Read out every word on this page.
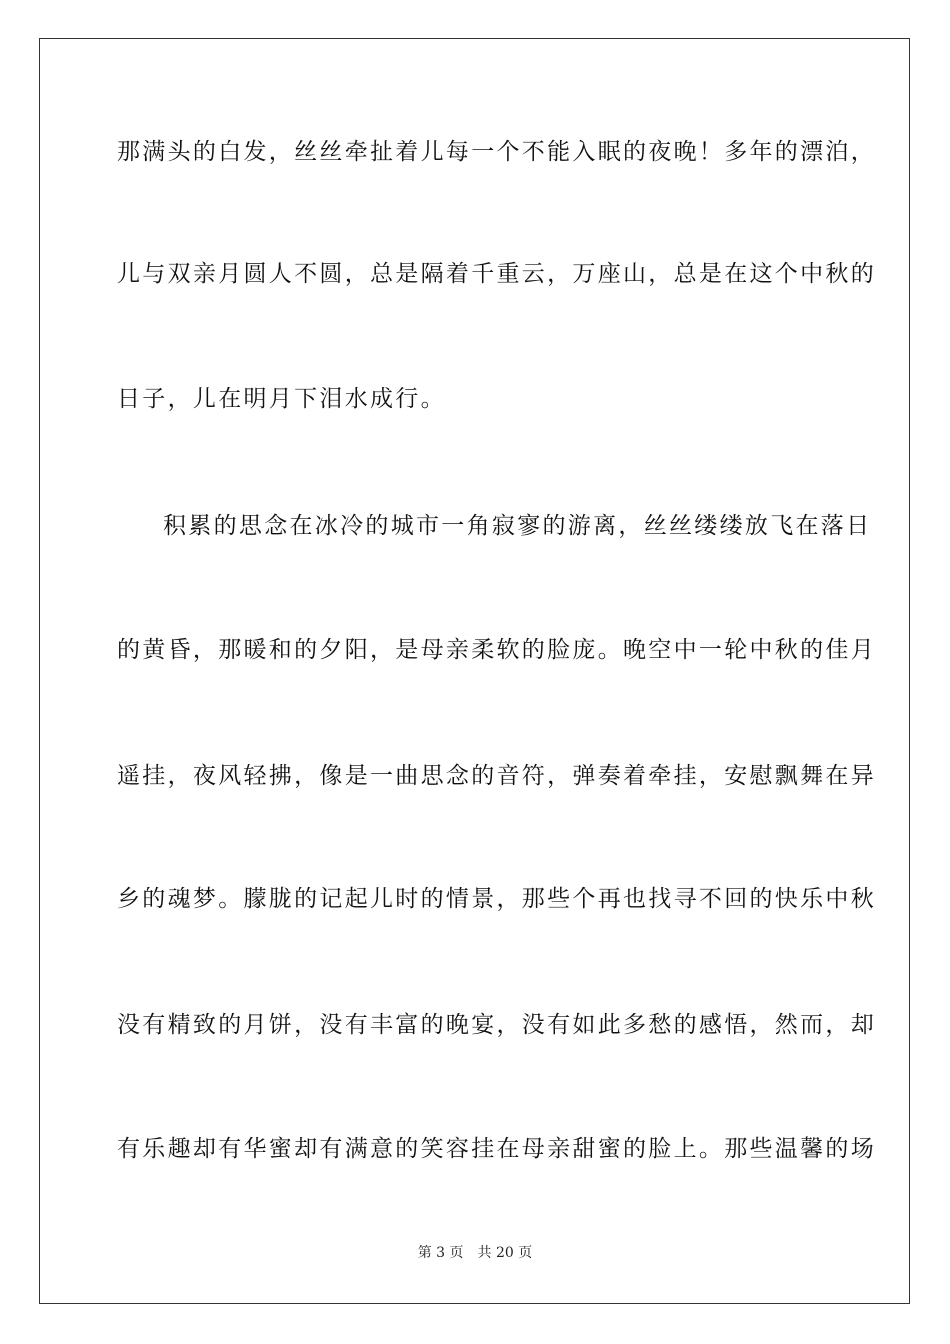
那满头的白发，丝丝牵扯着儿每一个不能入眠的夜晚！多年的漂泊，
儿与双亲月圆人不圆，总是隔着千重云，万座山，总是在这个中秋的
日子，儿在明月下泪水成行。
积累的思念在冰冷的城市一角寂寥的游离，丝丝缕缕放飞在落日
的黄昏，那暖和的夕阳，是母亲柔软的脸庞。晚空中一轮中秋的佳月
遥挂，夜风轻拂，像是一曲思念的音符，弹奏着牵挂，安慰飘舞在异
乡的魂梦。朦胧的记起儿时的情景，那些个再也找寻不回的快乐中秋
没有精致的月饼，没有丰富的晚宴，没有如此多愁的感悟，然而，却
有乐趣却有华蜜却有满意的笑容挂在母亲甜蜜的脸上。那些温馨的场
第 3 页 共 20 页
